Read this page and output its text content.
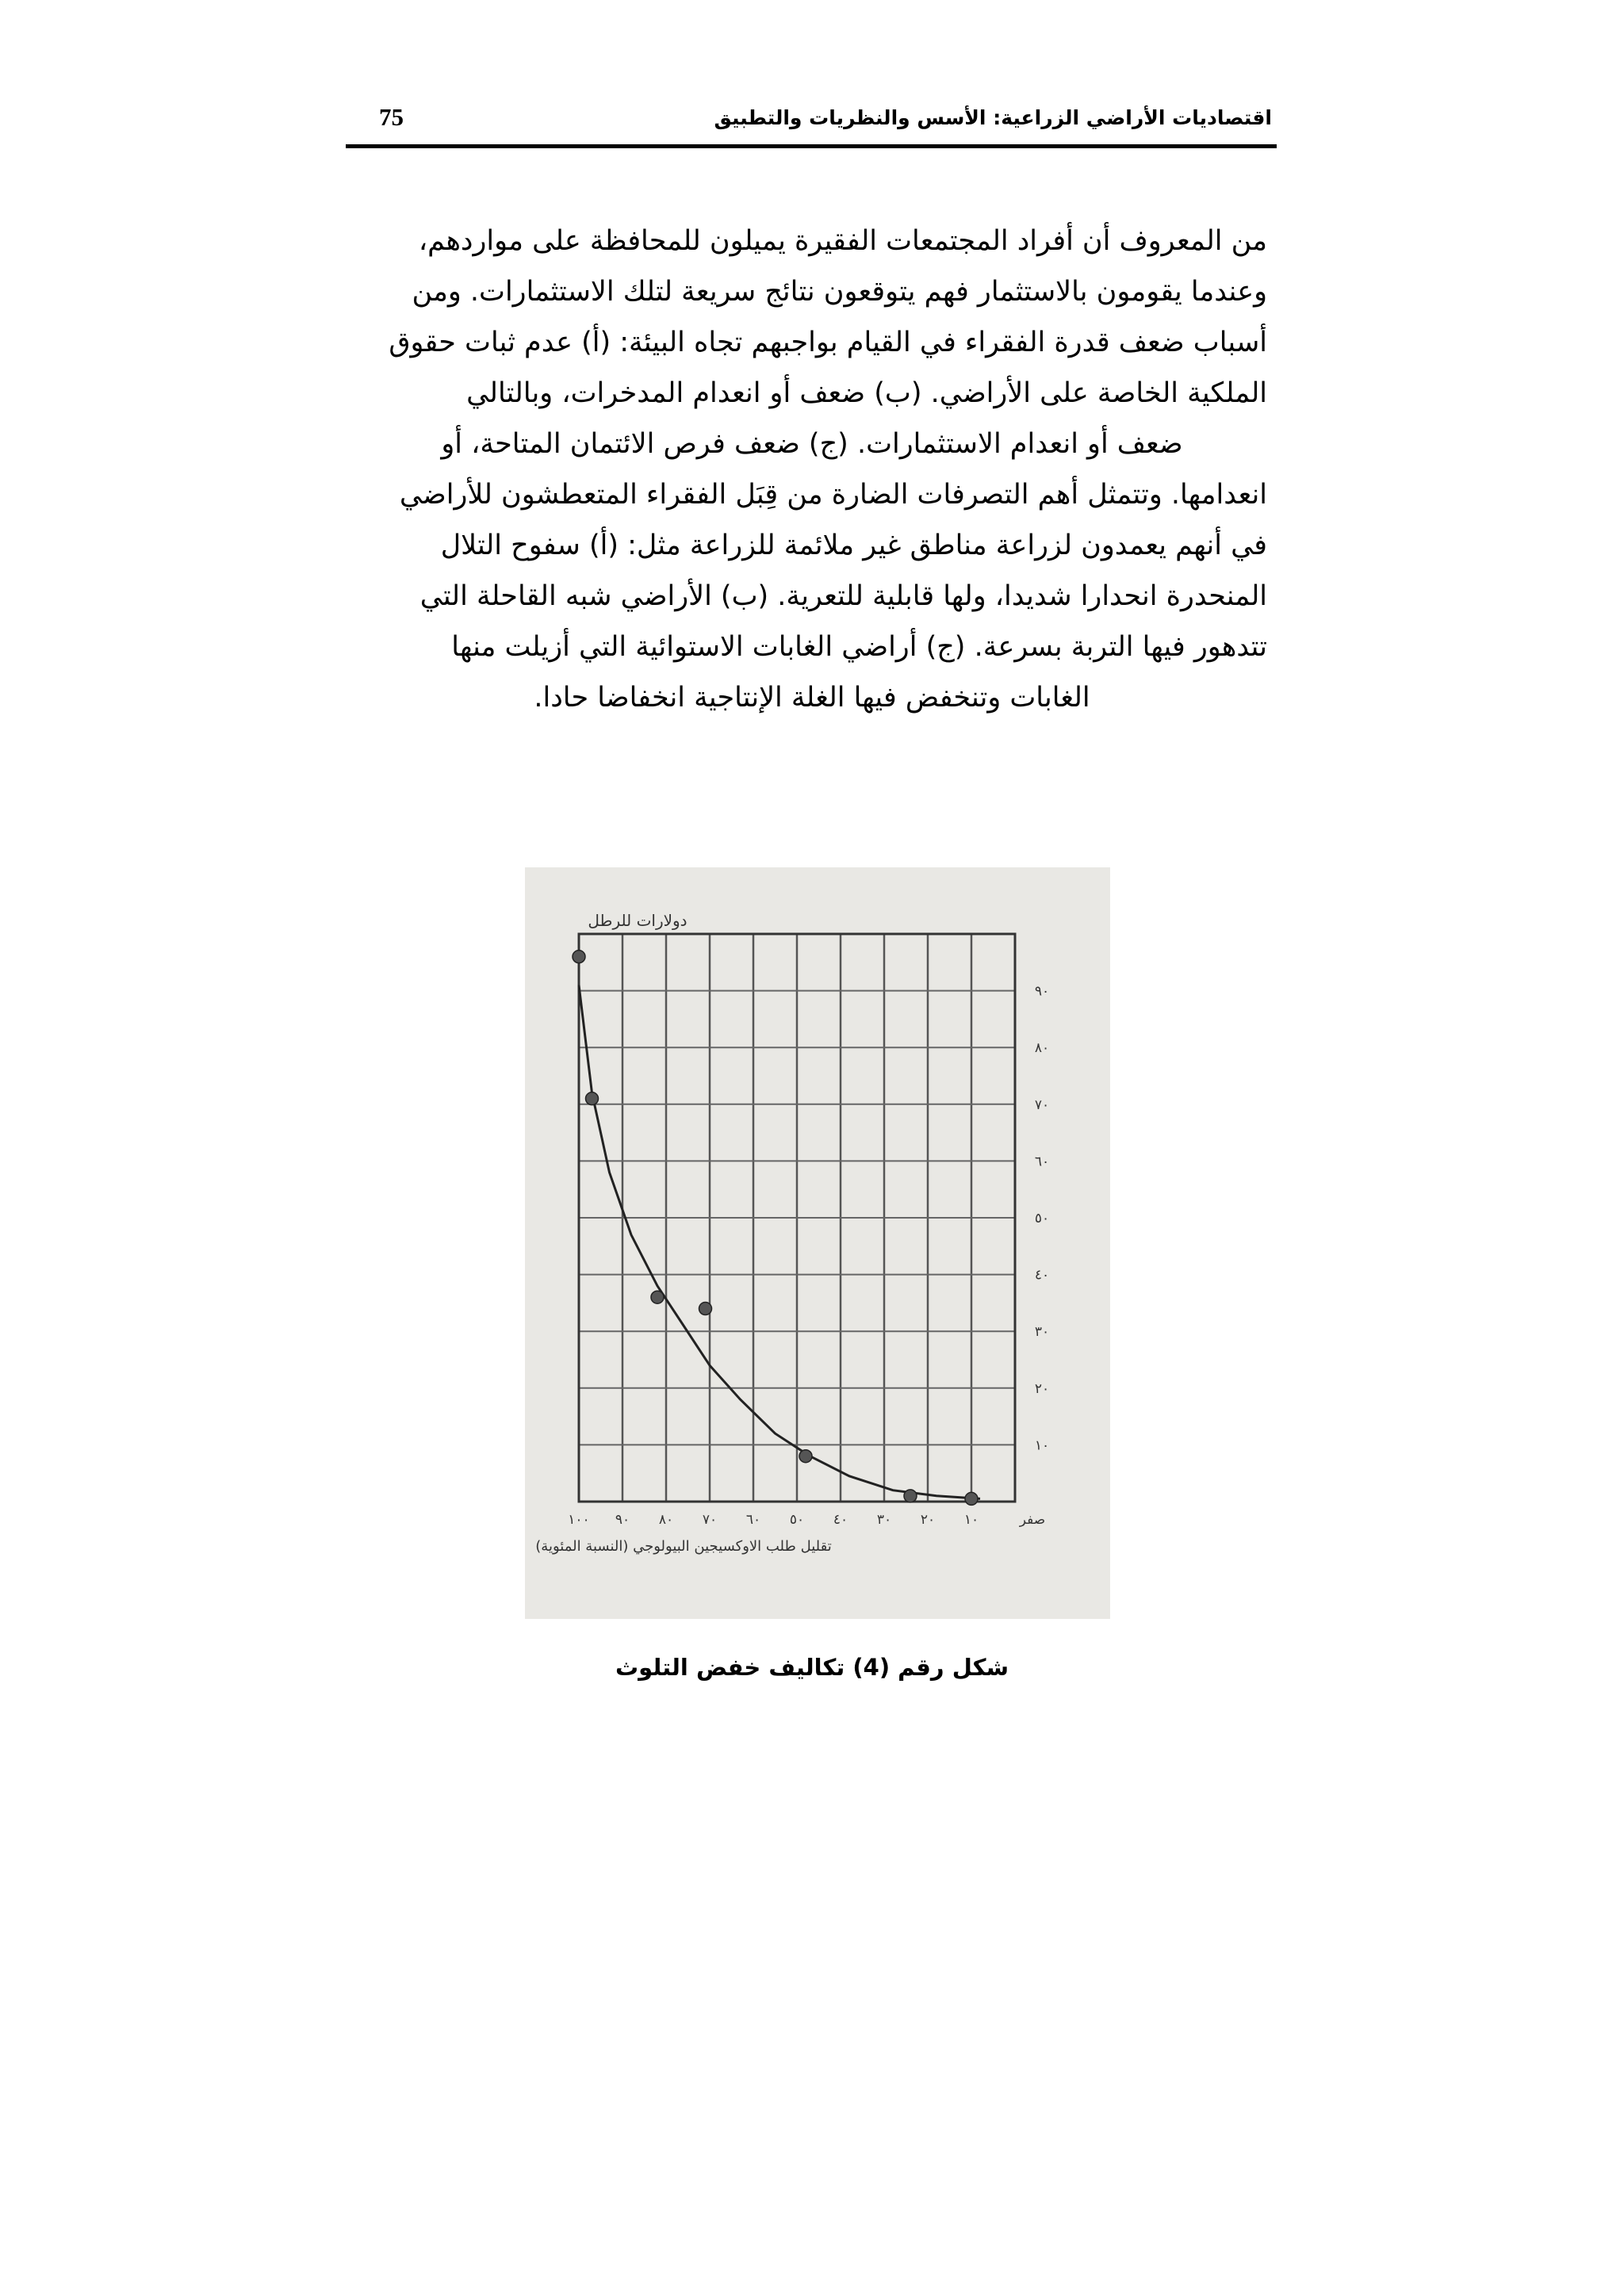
اقتصاديات الأراضي الزراعية: الأسس والنظريات والتطبيق
75
من المعروف أن أفراد المجتمعات الفقيرة يميلون للمحافظة على مواردهم،
وعندما يقومون بالاستثمار فهم يتوقعون نتائج سريعة لتلك الاستثمارات. ومن
أسباب ضعف قدرة الفقراء في القيام بواجبهم تجاه البيئة: (أ) عدم ثبات حقوق
الملكية الخاصة على الأراضي. (ب) ضعف أو انعدام المدخرات، وبالتالي
ضعف أو انعدام الاستثمارات. (ج) ضعف فرص الائتمان المتاحة، أو
انعدامها. وتتمثل أهم التصرفات الضارة من قِبَل الفقراء المتعطشون للأراضي
في أنهم يعمدون لزراعة مناطق غير ملائمة للزراعة مثل: (أ) سفوح التلال
المنحدرة انحدارا شديدا، ولها قابلية للتعرية. (ب) الأراضي شبه القاحلة التي
تتدهور فيها التربة بسرعة. (ج) أراضي الغابات الاستوائية التي أزيلت منها
الغابات وتنخفض فيها الغلة الإنتاجية انخفاضا حادا.
صفر
١٠
٢٠
٣٠
٤٠
٥٠
٦٠
٧٠
٨٠
٩٠
١٠٠
١٠
٢٠
٣٠
٤٠
٥٠
٦٠
٧٠
٨٠
٩٠
دولارات للرطل
تقليل طلب الاوكسيجين البيولوجي (النسبة المئوية)
شكل رقم (4) تكاليف خفض التلوث
